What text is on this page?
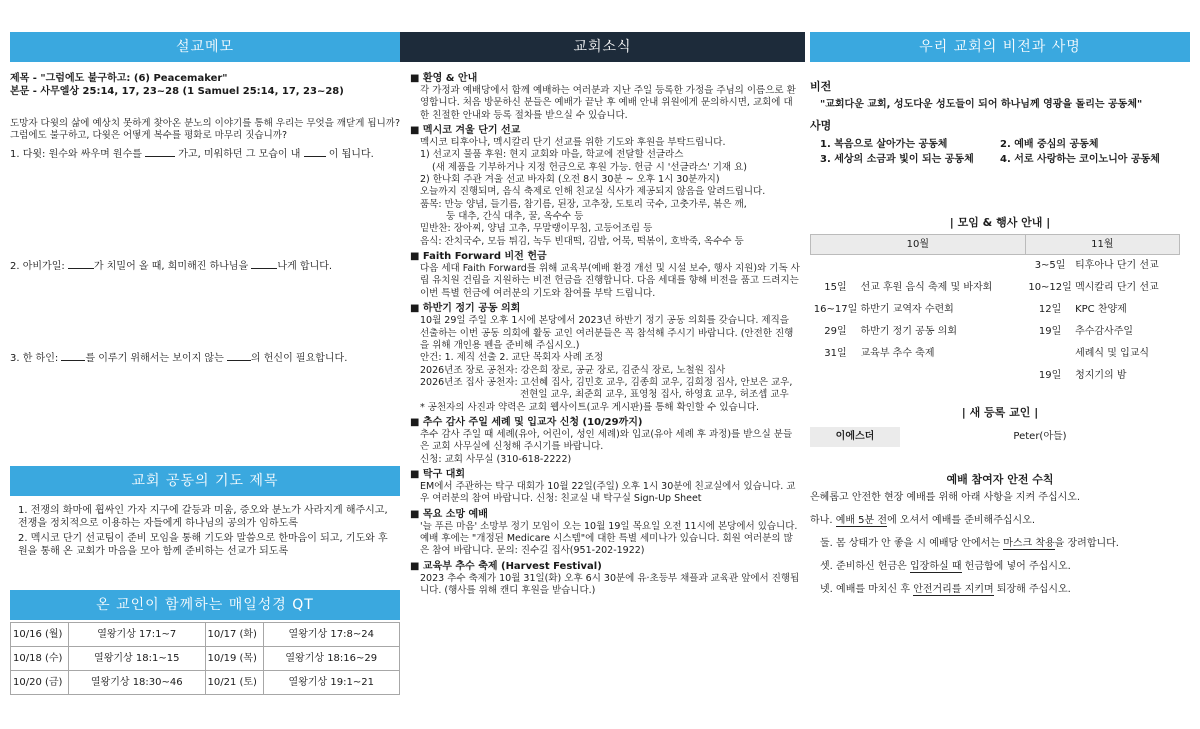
설교메모	교회소식	우리 교회의 비전과 사명
제목 - "그럼에도 불구하고: (6) Peacemaker"
본문 - 사무엘상 25:14, 17, 23~28 (1 Samuel 25:14, 17, 23~28)
도망자 다윗의 삶에 예상치 못하게 찾아온 분노의 이야기를 통해 우리는 무엇을 깨닫게 됩니까? 그럼에도 불구하고, 다윗은 어떻게 복수를 평화로 마무리 짓습니까?
1. 다윗: 원수와 싸우며 원수를	가고, 미워하던 그 모습이 내	이 됩니다.
2. 아비가일:	가 치밀어 올 때, 희미해진 하나님을	나게 합니다.
3. 한 하인:	를 이루기 위해서는 보이지 않는	의 헌신이 필요합니다.
교회 공동의 기도 제목
1. 전쟁의 화마에 휩싸인 가자 지구에 갈등과 미움, 증오와 분노가 사라지게 해주시고, 전쟁을 정치적으로 이용하는 자들에게 하나님의 공의가 임하도록
2. 멕시코 단기 선교팀이 준비 모임을 통해 기도와 말씀으로 한마음이 되고, 기도와 후원을 통해 온 교회가 마음을 모아 함께 준비하는 선교가 되도록
온 교인이 함께하는 매일성경 QT
10/16 (월)	열왕기상 17:1~7	10/17 (화)	열왕기상 17:8~24
10/18 (수)	열왕기상 18:1~15	10/19 (목)	열왕기상 18:16~29
10/20 (금)	열왕기상 18:30~46	10/21 (토)	열왕기상 19:1~21
■ 환영 & 안내
각 가정과 예배당에서 함께 예배하는 여러분과 지난 주일 등록한 가정을 주님의 이름으로 환영합니다. 처음 방문하신 분들은 예배가 끝난 후 예배 안내 위원에게 문의하시면, 교회에 대한 친절한 안내와 등록 절차를 받으실 수 있습니다.
■ 멕시코 겨울 단기 선교
멕시코 티후아나, 멕시칼리 단기 선교를 위한 기도와 후원을 부탁드립니다.
1) 선교지 물품 후원: 현지 교회와 마을, 학교에 전달할 선글라스
(새 제품을 기부하거나 지정 헌금으로 후원 가능. 헌금 시 '선글라스' 기재 요)
2) 한나회 주관 겨울 선교 바자회 (오전 8시 30분 ~ 오후 1시 30분까지)
오늘까지 진행되며, 음식 축제로 인해 친교실 식사가 제공되지 않음을 알려드립니다.
품목: 만능 양념, 들기름, 참기름, 된장, 고추장, 도토리 국수, 고춧가루, 볶은 깨,
둥 대추, 간식 대추, 꿀, 옥수수 등
밑반찬: 장아찌, 양념 고추, 무말랭이무침, 고등어조림 등
음식: 잔치국수, 모듬 튀김, 녹두 빈대떡, 김밥, 어묵, 떡볶이, 호박죽, 옥수수 등
■ Faith Forward 비전 헌금
다음 세대 Faith Forward를 위해 교육부(예배 환경 개선 및 시설 보수, 행사 지원)와 기독 사립 유치원 건립을 지원하는 비전 헌금을 진행합니다. 다음 세대를 향해 비전을 품고 드려지는 이번 특별 헌금에 여러분의 기도와 참여를 부탁 드립니다.
■ 하반기 정기 공동 의회
10월 29일 주일 오후 1시에 본당에서 2023년 하반기 정기 공동 의회를 갖습니다. 제직을 선출하는 이번 공동 의회에 활동 교인 여러분들은 꼭 참석해 주시기 바랍니다. (안전한 진행을 위해 개인용 펜을 준비해 주십시오.)
안건: 1. 제직 선출 2. 교단 목회자 사례 조정
2026년조 장로 공천자: 강은희 장로, 공균 장로, 김준식 장로, 노철원 집사
2026년조 집사 공천자: 고선혜 집사, 김민호 교우, 김종희 교우, 김희정 집사, 안보은 교우,
전현일 교우, 최준희 교우, 표영청 집사, 하영효 교우, 허조셉 교우
* 공천자의 사진과 약력은 교회 웹사이트(교우 게시판)를 통해 확인할 수 있습니다.
■ 추수 감사 주일 세례 및 입교자 신청 (10/29까지)
추수 감사 주일 때 세례(유아, 어린이, 성인 세례)와 입교(유아 세례 후 과정)를 받으실 분들은 교회 사무실에 신청해 주시기를 바랍니다.
신청: 교회 사무실 (310-618-2222)
■ 탁구 대회
EM에서 주관하는 탁구 대회가 10월 22일(주일) 오후 1시 30분에 친교실에서 있습니다. 교우 여러분의 참여 바랍니다. 신청: 친교실 내 탁구실 Sign-Up Sheet
■ 목요 소망 예배
'늘 푸른 마음' 소망부 정기 모임이 오는 10월 19일 목요일 오전 11시에 본당에서 있습니다. 예배 후에는 "개정된 Medicare 시스템"에 대한 특별 세미나가 있습니다. 회원 여러분의 많은 참여 바랍니다. 문의: 진수길 집사(951-202-1922)
■ 교육부 추수 축제 (Harvest Festival)
2023 추수 축제가 10월 31일(화) 오후 6시 30분에 유·초등부 채플과 교육관 앞에서 진행됩니다. (행사를 위해 캔디 후원을 받습니다.)
비전
"교회다운 교회, 성도다운 성도들이 되어 하나님께 영광을 돌리는 공동체"
사명
1. 복음으로 살아가는 공동체	2. 예배 중심의 공동체
3. 세상의 소금과 빛이 되는 공동체	4. 서로 사랑하는 코이노니아 공동체
| 모임 & 행사 안내 |
10월		11월	
		3~5일	티후아나 단기 선교
15일	선교 후원 음식 축제 및 바자회	10~12일	멕시칼리 단기 선교
16~17일	하반기 교역자 수련회	12일	KPC 찬양제
29일	하반기 정기 공동 의회	19일	추수감사주일
31일	교육부 추수 축제		세례식 및 입교식
		19일	청지기의 밤
| 새 등록 교인 |
이에스더	Peter(아들)
예배 참여자 안전 수칙
은혜롭고 안전한 현장 예배를 위해 아래 사항을 지켜 주십시오.
하나. 예배 5분 전에 오셔서 예배를 준비해주십시오.
둘. 몸 상태가 안 좋을 시 예배당 안에서는 마스크 착용을 장려합니다.
셋. 준비하신 헌금은 입장하실 때 헌금함에 넣어 주십시오.
넷. 예배를 마치신 후 안전거리를 지키며 퇴장해 주십시오.
